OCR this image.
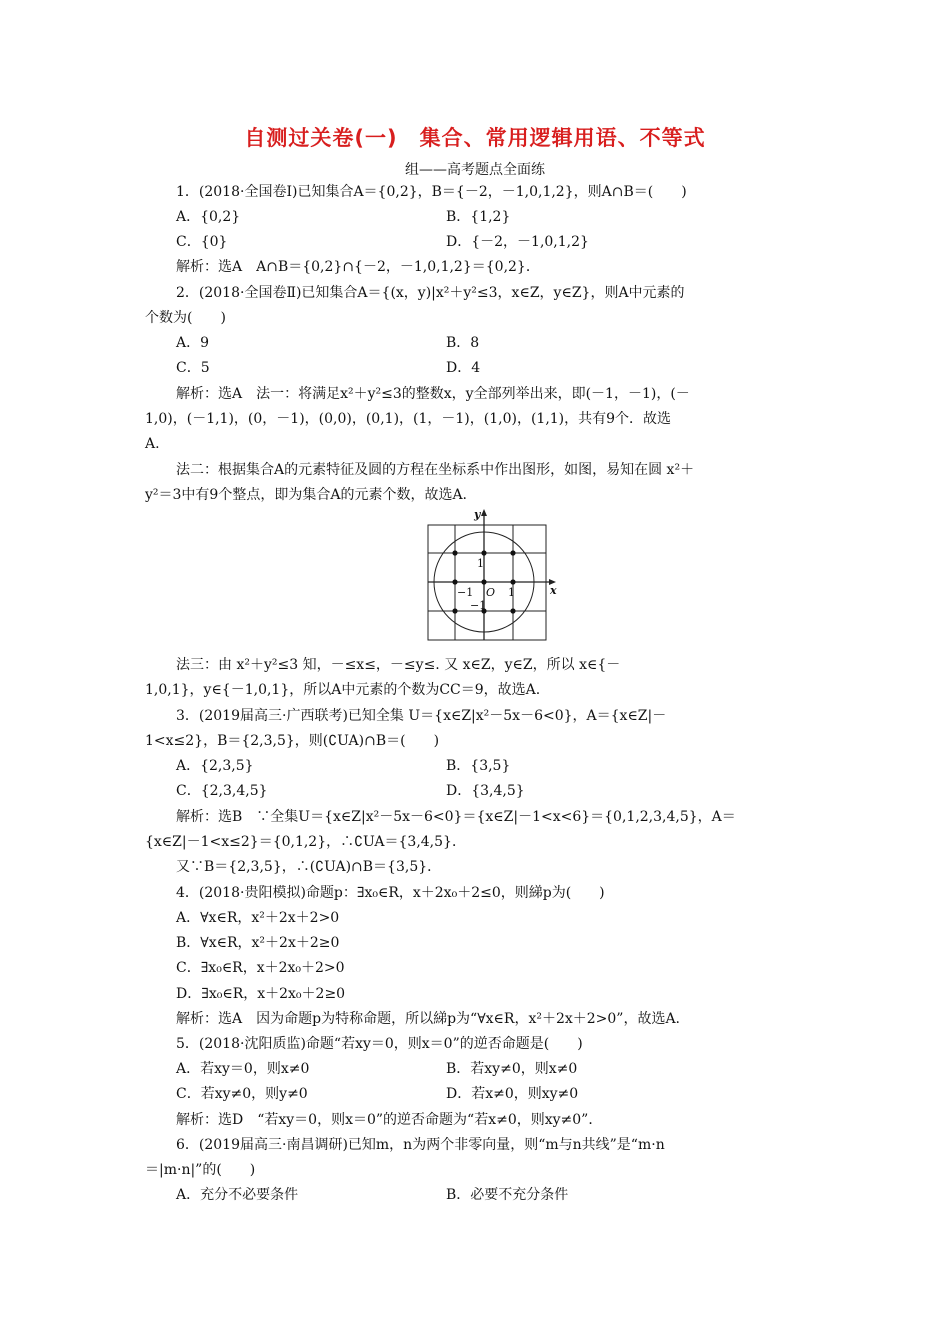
自测过关卷(一)　集合、常用逻辑用语、不等式
组——高考题点全面练
1．(2018·全国卷Ⅰ)已知集合A＝{0,2}，B＝{－2，－1,0,1,2}，则A∩B＝(　　)
A．{0,2}	B．{1,2}
C．{0}	D．{－2，－1,0,1,2}
解析：选A　A∩B＝{0,2}∩{－2，－1,0,1,2}＝{0,2}．
2．(2018·全国卷Ⅱ)已知集合A＝{(x，y)|x²＋y²≤3，x∈Z，y∈Z}，则A中元素的
个数为(　　)
A．9	B．8
C．5	D．4
解析：选A　法一：将满足x²＋y²≤3的整数x，y全部列举出来，即(－1，－1)，(－
1,0)，(－1,1)，(0，－1)，(0,0)，(0,1)，(1，－1)，(1,0)，(1,1)，共有9个．故选
A.
法二：根据集合A的元素特征及圆的方程在坐标系中作出图形，如图，易知在圆 x²＋
y²＝3中有9个整点，即为集合A的元素个数，故选A.
y
x
1
O
−1	1
−1
法三：由 x²＋y²≤3 知，－≤x≤，－≤y≤. 又 x∈Z，y∈Z，所以 x∈{－
1,0,1}，y∈{－1,0,1}，所以A中元素的个数为CC＝9，故选A.
3．(2019届高三·广西联考)已知全集 U＝{x∈Z|x²－5x－6<0}，A＝{x∈Z|－
1<x≤2}，B＝{2,3,5}，则(∁UA)∩B＝(　　)
A．{2,3,5}	B．{3,5}
C．{2,3,4,5}	D．{3,4,5}
解析：选B　∵全集U＝{x∈Z|x²－5x－6<0}＝{x∈Z|－1<x<6}＝{0,1,2,3,4,5}，A＝
{x∈Z|－1<x≤2}＝{0,1,2}，∴∁UA＝{3,4,5}．
又∵B＝{2,3,5}，∴(∁UA)∩B＝{3,5}．
4．(2018·贵阳模拟)命题p：∃x₀∈R，x＋2x₀＋2≤0，则綈p为(　　)
A．∀x∈R，x²＋2x＋2>0
B．∀x∈R，x²＋2x＋2≥0
C．∃x₀∈R，x＋2x₀＋2>0
D．∃x₀∈R，x＋2x₀＋2≥0
解析：选A　因为命题p为特称命题，所以綈p为“∀x∈R，x²＋2x＋2>0”，故选A.
5．(2018·沈阳质监)命题“若xy＝0，则x＝0”的逆否命题是(　　)
A．若xy＝0，则x≠0	B．若xy≠0，则x≠0
C．若xy≠0，则y≠0	D．若x≠0，则xy≠0
解析：选D　“若xy＝0，则x＝0”的逆否命题为“若x≠0，则xy≠0”．
6．(2019届高三·南昌调研)已知m，n为两个非零向量，则“m与n共线”是“m·n
＝|m·n|”的(　　)
A．充分不必要条件	B．必要不充分条件
